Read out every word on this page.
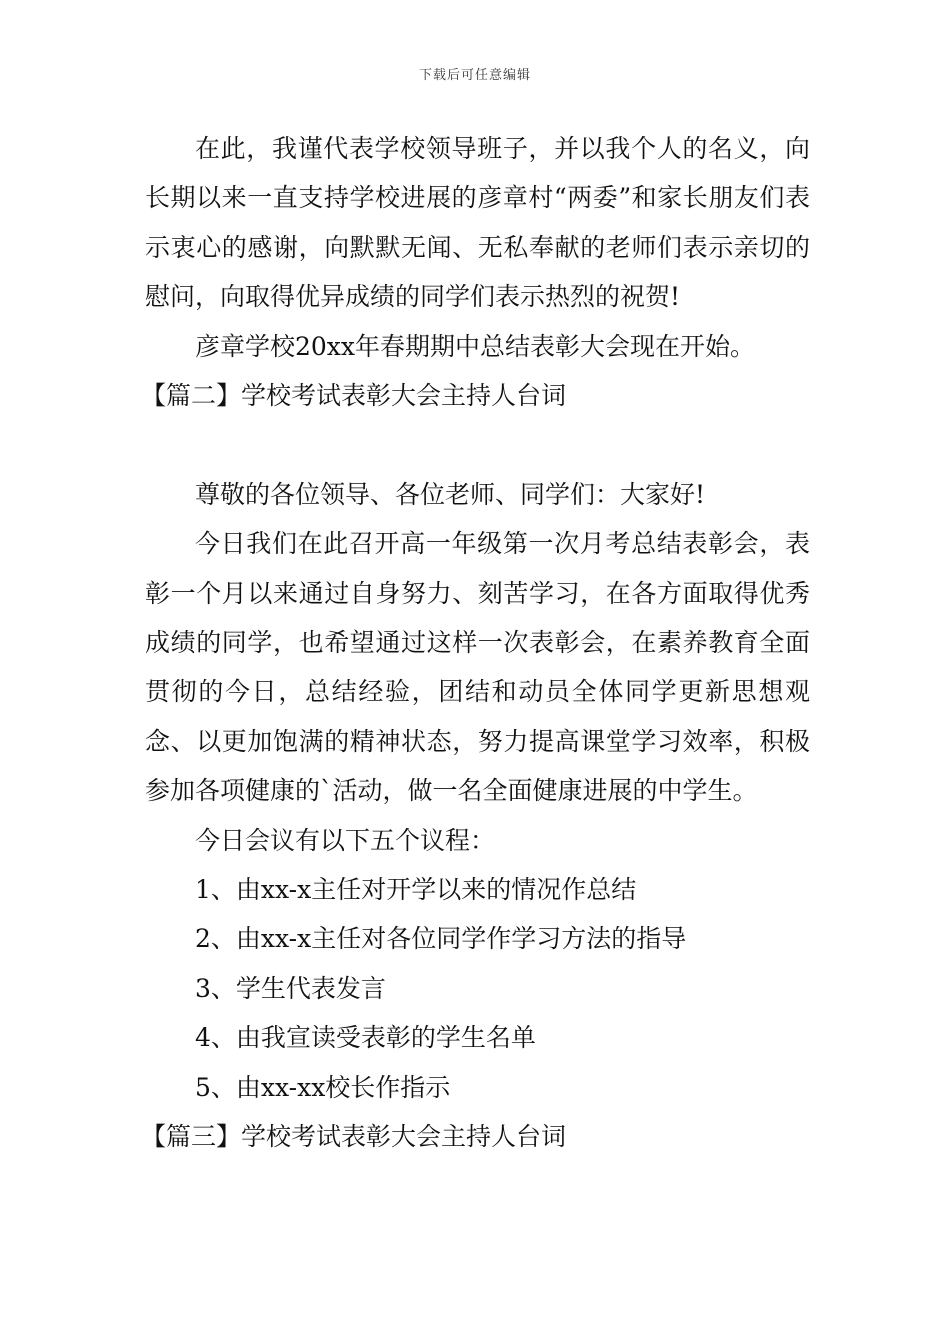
下载后可任意编辑

在此，我谨代表学校领导班子，并以我个人的名义，向长期以来一直支持学校进展的彦章村“两委”和家长朋友们表示衷心的感谢，向默默无闻、无私奉献的老师们表示亲切的慰问，向取得优异成绩的同学们表示热烈的祝贺!

彦章学校20xx年春期期中总结表彰大会现在开始。

【篇二】学校考试表彰大会主持人台词

尊敬的各位领导、各位老师、同学们：大家好!

今日我们在此召开高一年级第一次月考总结表彰会，表彰一个月以来通过自身努力、刻苦学习，在各方面取得优秀成绩的同学，也希望通过这样一次表彰会，在素养教育全面贯彻的今日，总结经验，团结和动员全体同学更新思想观念、以更加饱满的精神状态，努力提高课堂学习效率，积极参加各项健康的`活动，做一名全面健康进展的中学生。

今日会议有以下五个议程：

1、由xx-x主任对开学以来的情况作总结

2、由xx-x主任对各位同学作学习方法的指导

3、学生代表发言

4、由我宣读受表彰的学生名单

5、由xx-xx校长作指示

【篇三】学校考试表彰大会主持人台词
